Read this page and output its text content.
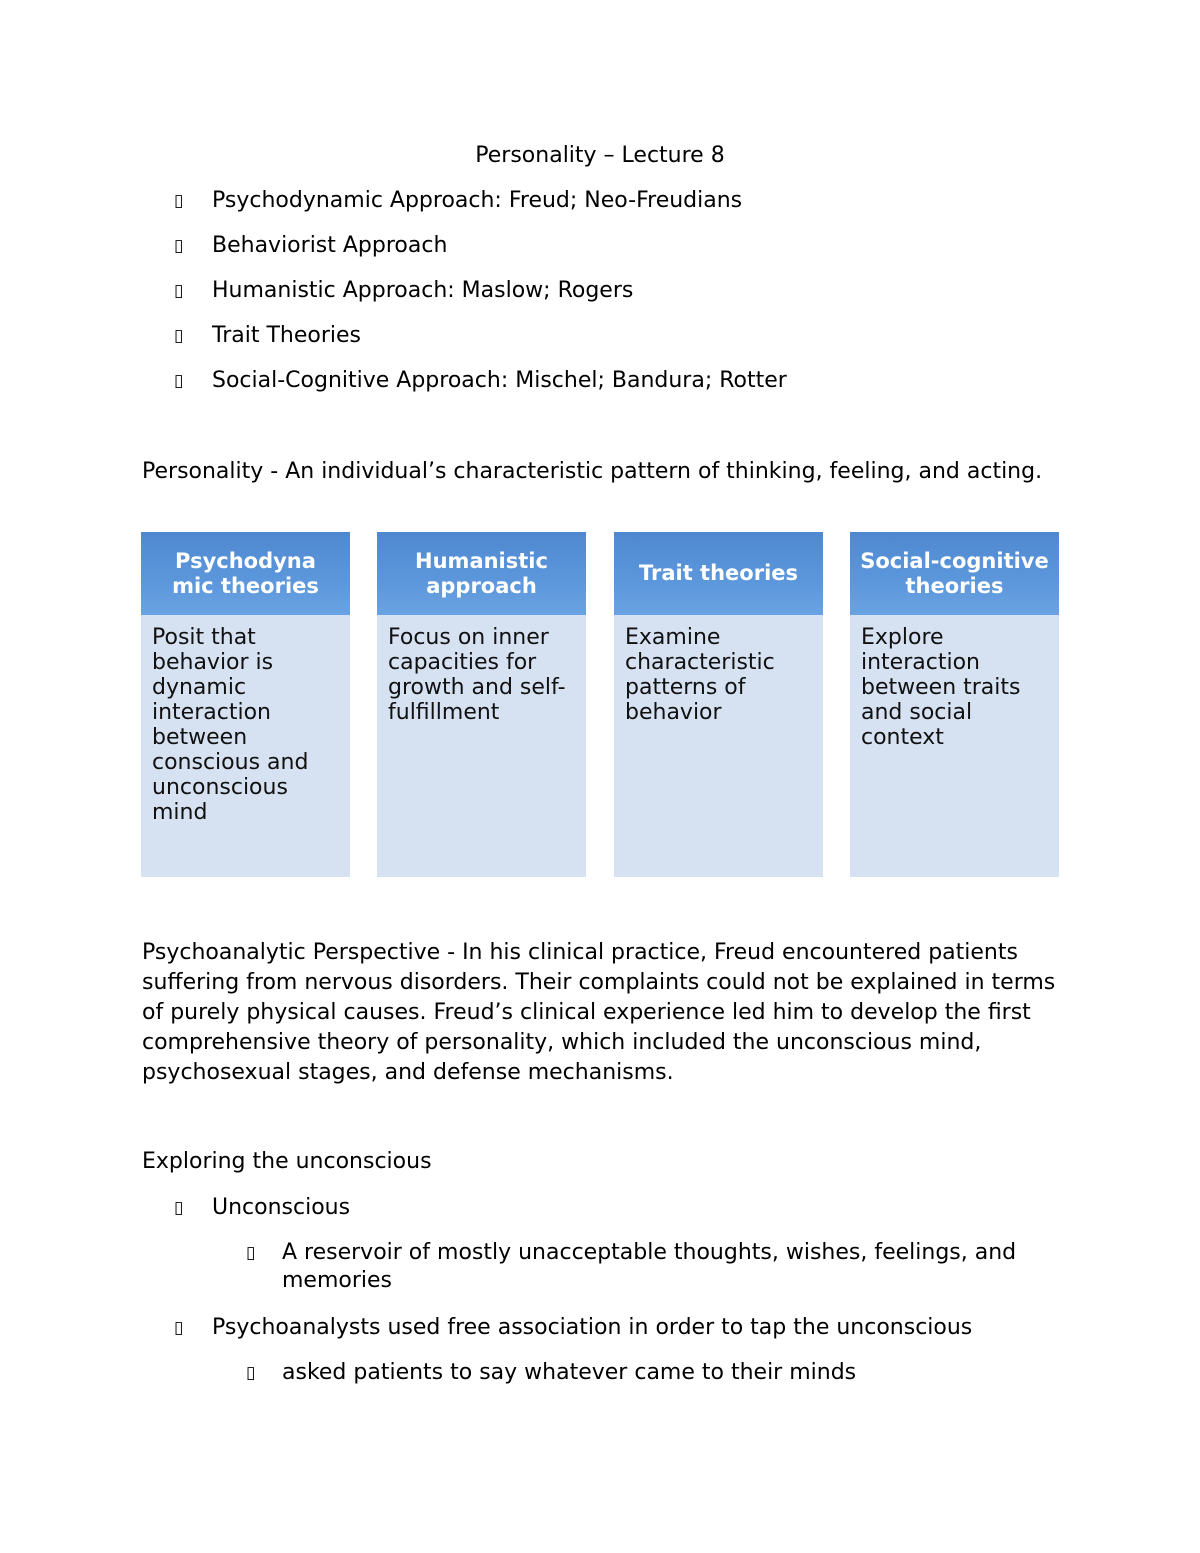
Personality – Lecture 8
▯	Psychodynamic Approach: Freud; Neo-Freudians
▯	Behaviorist Approach
▯	Humanistic Approach: Maslow; Rogers
▯	Trait Theories
▯	Social-Cognitive Approach: Mischel; Bandura; Rotter
Personality - An individual’s characteristic pattern of thinking, feeling, and acting.
Psychodyna mic theories
Posit that behavior is dynamic interaction between conscious and unconscious mind
Humanistic approach
Focus on inner capacities for growth and self-fulfillment
Trait theories
Examine characteristic patterns of behavior
Social-cognitive theories
Explore interaction between traits and social context
Psychoanalytic Perspective - In his clinical practice, Freud encountered patients suffering from nervous disorders. Their complaints could not be explained in terms of purely physical causes. Freud’s clinical experience led him to develop the first comprehensive theory of personality, which included the unconscious mind, psychosexual stages, and defense mechanisms.
Exploring the unconscious
▯	Unconscious
▯ A reservoir of mostly unacceptable thoughts, wishes, feelings, and memories
▯	Psychoanalysts used free association in order to tap the unconscious
▯ asked patients to say whatever came to their minds
